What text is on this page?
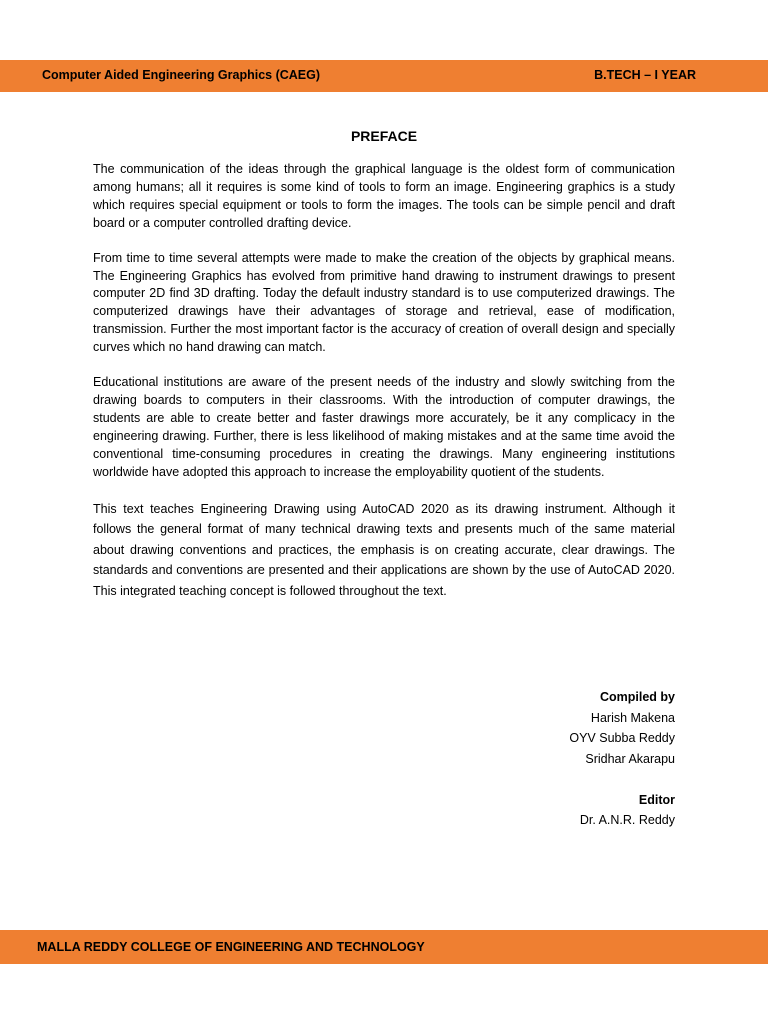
Computer Aided Engineering Graphics (CAEG)	B.TECH – I YEAR
PREFACE

The communication of the ideas through the graphical language is the oldest form of communication among humans; all it requires is some kind of tools to form an image. Engineering graphics is a study which requires special equipment or tools to form the images. The tools can be simple pencil and draft board or a computer controlled drafting device.

From time to time several attempts were made to make the creation of the objects by graphical means. The Engineering Graphics has evolved from primitive hand drawing to instrument drawings to present computer 2D find 3D drafting. Today the default industry standard is to use computerized drawings. The computerized drawings have their advantages of storage and retrieval, ease of modification, transmission. Further the most important factor is the accuracy of creation of overall design and specially curves which no hand drawing can match.

Educational institutions are aware of the present needs of the industry and slowly switching from the drawing boards to computers in their classrooms. With the introduction of computer drawings, the students are able to create better and faster drawings more accurately, be it any complicacy in the engineering drawing. Further, there is less likelihood of making mistakes and at the same time avoid the conventional time-consuming procedures in creating the drawings. Many engineering institutions worldwide have adopted this approach to increase the employability quotient of the students.

This text teaches Engineering Drawing using AutoCAD 2020 as its drawing instrument. Although it follows the general format of many technical drawing texts and presents much of the same material about drawing conventions and practices, the emphasis is on creating accurate, clear drawings. The standards and conventions are presented and their applications are shown by the use of AutoCAD 2020. This integrated teaching concept is followed throughout the text.

Compiled by
Harish Makena
OYV Subba Reddy
Sridhar Akarapu
Editor
Dr. A.N.R. Reddy
MALLA REDDY COLLEGE OF ENGINEERING AND TECHNOLOGY
